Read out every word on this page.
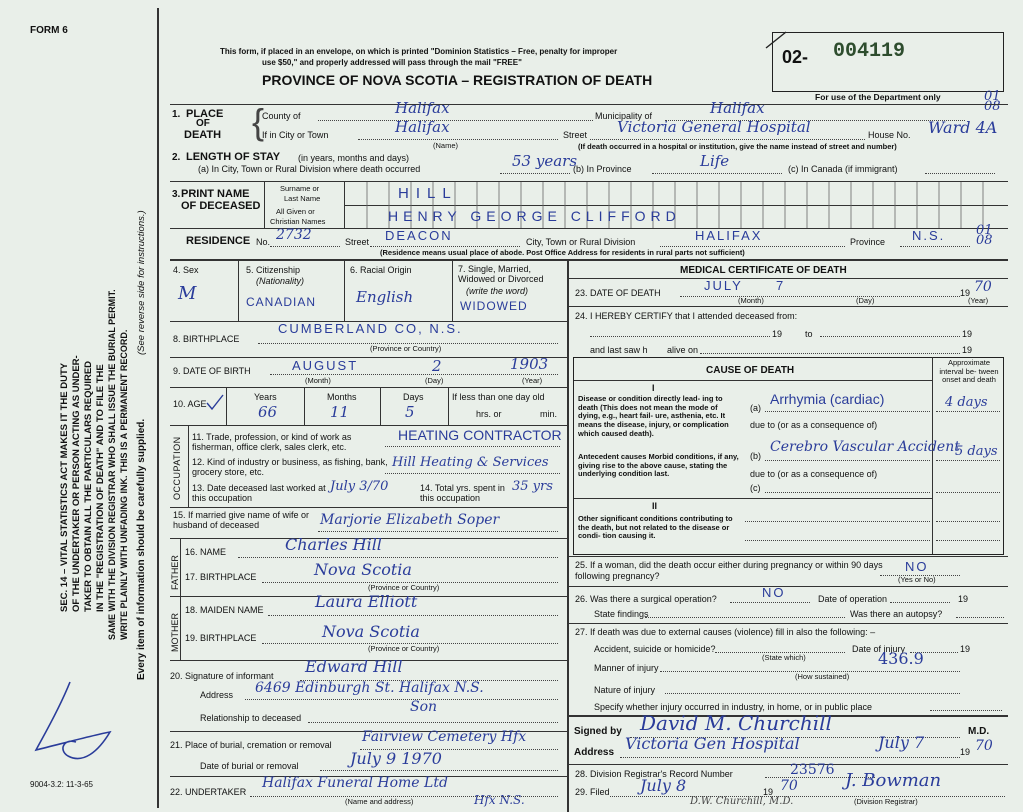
FORM 6
SEC. 14 – VITAL STATISTICS ACT MAKES IT THE DUTY OF THE UNDERTAKER OR PERSON ACTING AS UNDER- TAKER TO OBTAIN ALL THE PARTICULARS REQUIRED IN THE "REGISTRATION OF DEATH" AND TO FILE THE SAME WITH THE DIVISION REGISTRAR WHO SHALL ISSUE THE BURIAL PERMIT. WRITE PLAINLY WITH UNFADING INK. THIS IS A PERMANENT RECORD. Every item of information should be carefully supplied.
(See reverse side for instructions.)
9004-3.2: 11-3-65
This form, if placed in an envelope, on which is printed "Dominion Statistics – Free, penalty for improper
use $50," and properly addressed will pass through the mail "FREE"
PROVINCE OF NOVA SCOTIA – REGISTRATION OF DEATH
02- 004119
For use of the Department only	01
08
1. PLACE
OF
DEATH {
County of	Halifax	Municipality of	Halifax
If in City or Town	Halifax
(Name)
Street Victoria General Hospital	House No. Ward 4A
(If death occurred in a hospital or institution, give the name instead of street and number)
2. LENGTH OF STAY (in years, months and days)
(a) In City, Town or Rural Division where death occurred	53 years
(b) In Province	Life	(c) In Canada (if immigrant)
3. PRINT NAME
OF DECEASED
Surname or
Last Name
All Given or
Christian Names
HILL
HENRY GEORGE CLIFFORD
RESIDENCE No. 2732	Street DEACON	City, Town or Rural Division	HALIFAX	Province N.S. 01
08
(Residence means usual place of abode. Post Office Address for residents in rural parts not sufficient)
4. Sex
M
5. Citizenship
(Nationality)
CANADIAN
6. Racial Origin
English
7. Single, Married, Widowed or Divorced
(write the word)
WIDOWED
8. BIRTHPLACE
CUMBERLAND CO, N.S.
(Province or Country)
9. DATE OF BIRTH	AUGUST	2	1903
(Month)	(Day)	(Year)
10. AGE
Years	Months	Days
66	11	5
If less than one day old
hrs. or	min.
OCCUPATION 11. Trade, profession, or kind of work as fisherman, office clerk, sales clerk, etc.
HEATING CONTRACTOR
12. Kind of industry or business, as fishing, bank, grocery store, etc.
Hill Heating & Services
13. Date deceased last worked at this occupation
July 3/70	14. Total yrs. spent in this occupation
35 yrs
15. If married give name of wife or husband of deceased	Marjorie Elizabeth Soper
FATHER
16. NAME	Charles Hill
17. BIRTHPLACE	Nova Scotia
(Province or Country)
MOTHER
18. MAIDEN NAME	Laura Elliott
19. BIRTHPLACE	Nova Scotia
(Province or Country)
20. Signature of informant Edward Hill
Address 6469 Edinburgh St. Halifax N.S.
Relationship to deceased
Son
21. Place of burial, cremation or removal Fairview Cemetery Hfx
Date of burial or removal	July 9 1970
22. UNDERTAKER
Halifax Funeral Home Ltd
Hfx N.S.
(Name and address)
MEDICAL CERTIFICATE OF DEATH
23. DATE OF DEATH	JULY	7	19 70
(Month)	(Day)	(Year)
24. I HEREBY CERTIFY that I attended deceased from:
19	to	19
and last saw h alive on	19
CAUSE OF DEATH
Approximate interval be- tween onset and death
I
Disease or condition directly lead- ing to death (This does not mean the mode of dying, e.g., heart fail- ure, asthenia, etc. It means the disease, injury, or complication which caused death).
(a)
Arrhymia (cardiac)	4 days
due to (or as a consequence of)
Antecedent causes Morbid conditions, if any, giving rise to the above cause, stating the underlying condition last.
(b)
Cerebro Vascular Accident
5 days
due to (or as a consequence of)
(c)
II
Other significant conditions contributing to the death, but not related to the disease or condi- tion causing it.
25. If a woman, did the death occur either during pregnancy or within 90 days following pregnancy?
NO
(Yes or No)
26. Was there a surgical operation?	NO	Date of operation	19
State findings	Was there an autopsy?
27. If death was due to external causes (violence) fill in also the following: –
Accident, suicide or homicide?
(State which)
Date of injury	19
Manner of injury	436.9
(How sustained)
Nature of injury
Specify whether injury occurred in industry, in home, or in public place
Signed by David M. Churchill	M.D.
Address Victoria Gen Hospital	July 7	19 70
28. Division Registrar's Record Number	23576
29. Filed July 8	19 70	J. Bowman
(Division Registrar)
D.W. Churchill, M.D.
